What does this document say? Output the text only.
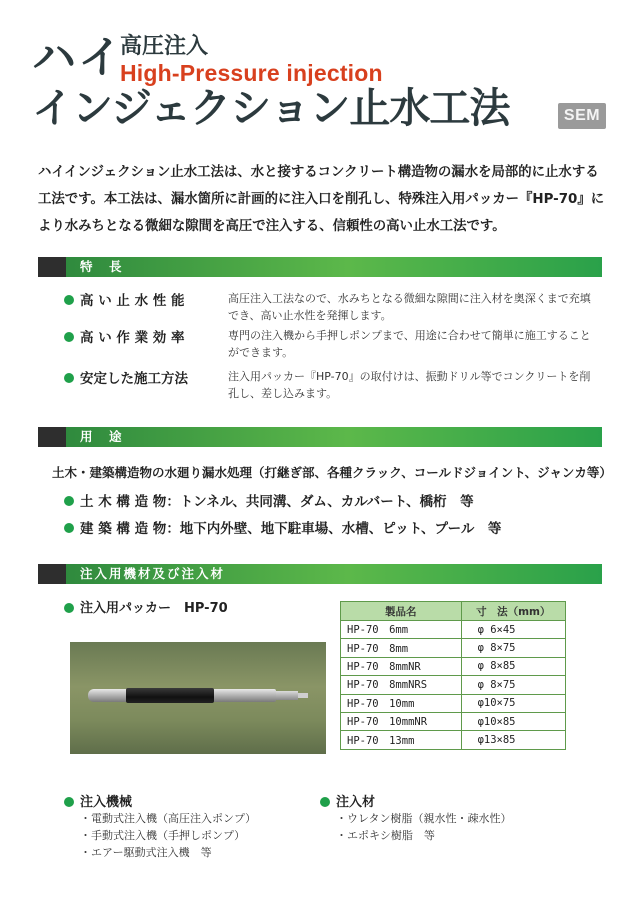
ハイ
高圧注入
High-Pressure injection
インジェクション止水工法	SEM

ハイインジェクション止水工法は、水と接するコンクリート構造物の漏水を局部的に止水する

工法です。本工法は、漏水箇所に計画的に注入口を削孔し、特殊注入用パッカー『HP-70』に

より水みちとなる微細な隙間を高圧で注入する、信頼性の高い止水工法です。

特　長
高 い 止 水 性 能	高圧注入工法なので、水みちとなる微細な隙間に注入材を奥深くまで充填でき、高い止水性を発揮します。
高 い 作 業 効 率	専門の注入機から手押しポンプまで、用途に合わせて簡単に施工することができます。
安定した施工方法	注入用パッカー『HP-70』の取付けは、振動ドリル等でコンクリートを削孔し、差し込みます。
用　途
土木・建築構造物の水廻り漏水処理（打継ぎ部、各種クラック、コールドジョイント、ジャンカ等）
土 木 構 造 物：トンネル、共同溝、ダム、カルバート、橋桁　等
建 築 構 造 物：地下内外壁、地下駐車場、水槽、ピット、プール　等
注入用機材及び注入材
注入用パッカー　HP-70	製品名	寸　法（mm）
HP-70　6mm	φ 6×45
HP-70　8mm	φ 8×75
HP-70　8mmNR	φ 8×85
HP-70　8mmNRS	φ 8×75
HP-70　10mm	φ10×75
HP-70　10mmNR	φ10×85
HP-70　13mm	φ13×85
注入機械
・電動式注入機（高圧注入ポンプ）
・手動式注入機（手押しポンプ）
・エアー駆動式注入機　等
注入材
・ウレタン樹脂（親水性・疎水性）
・エポキシ樹脂　等
